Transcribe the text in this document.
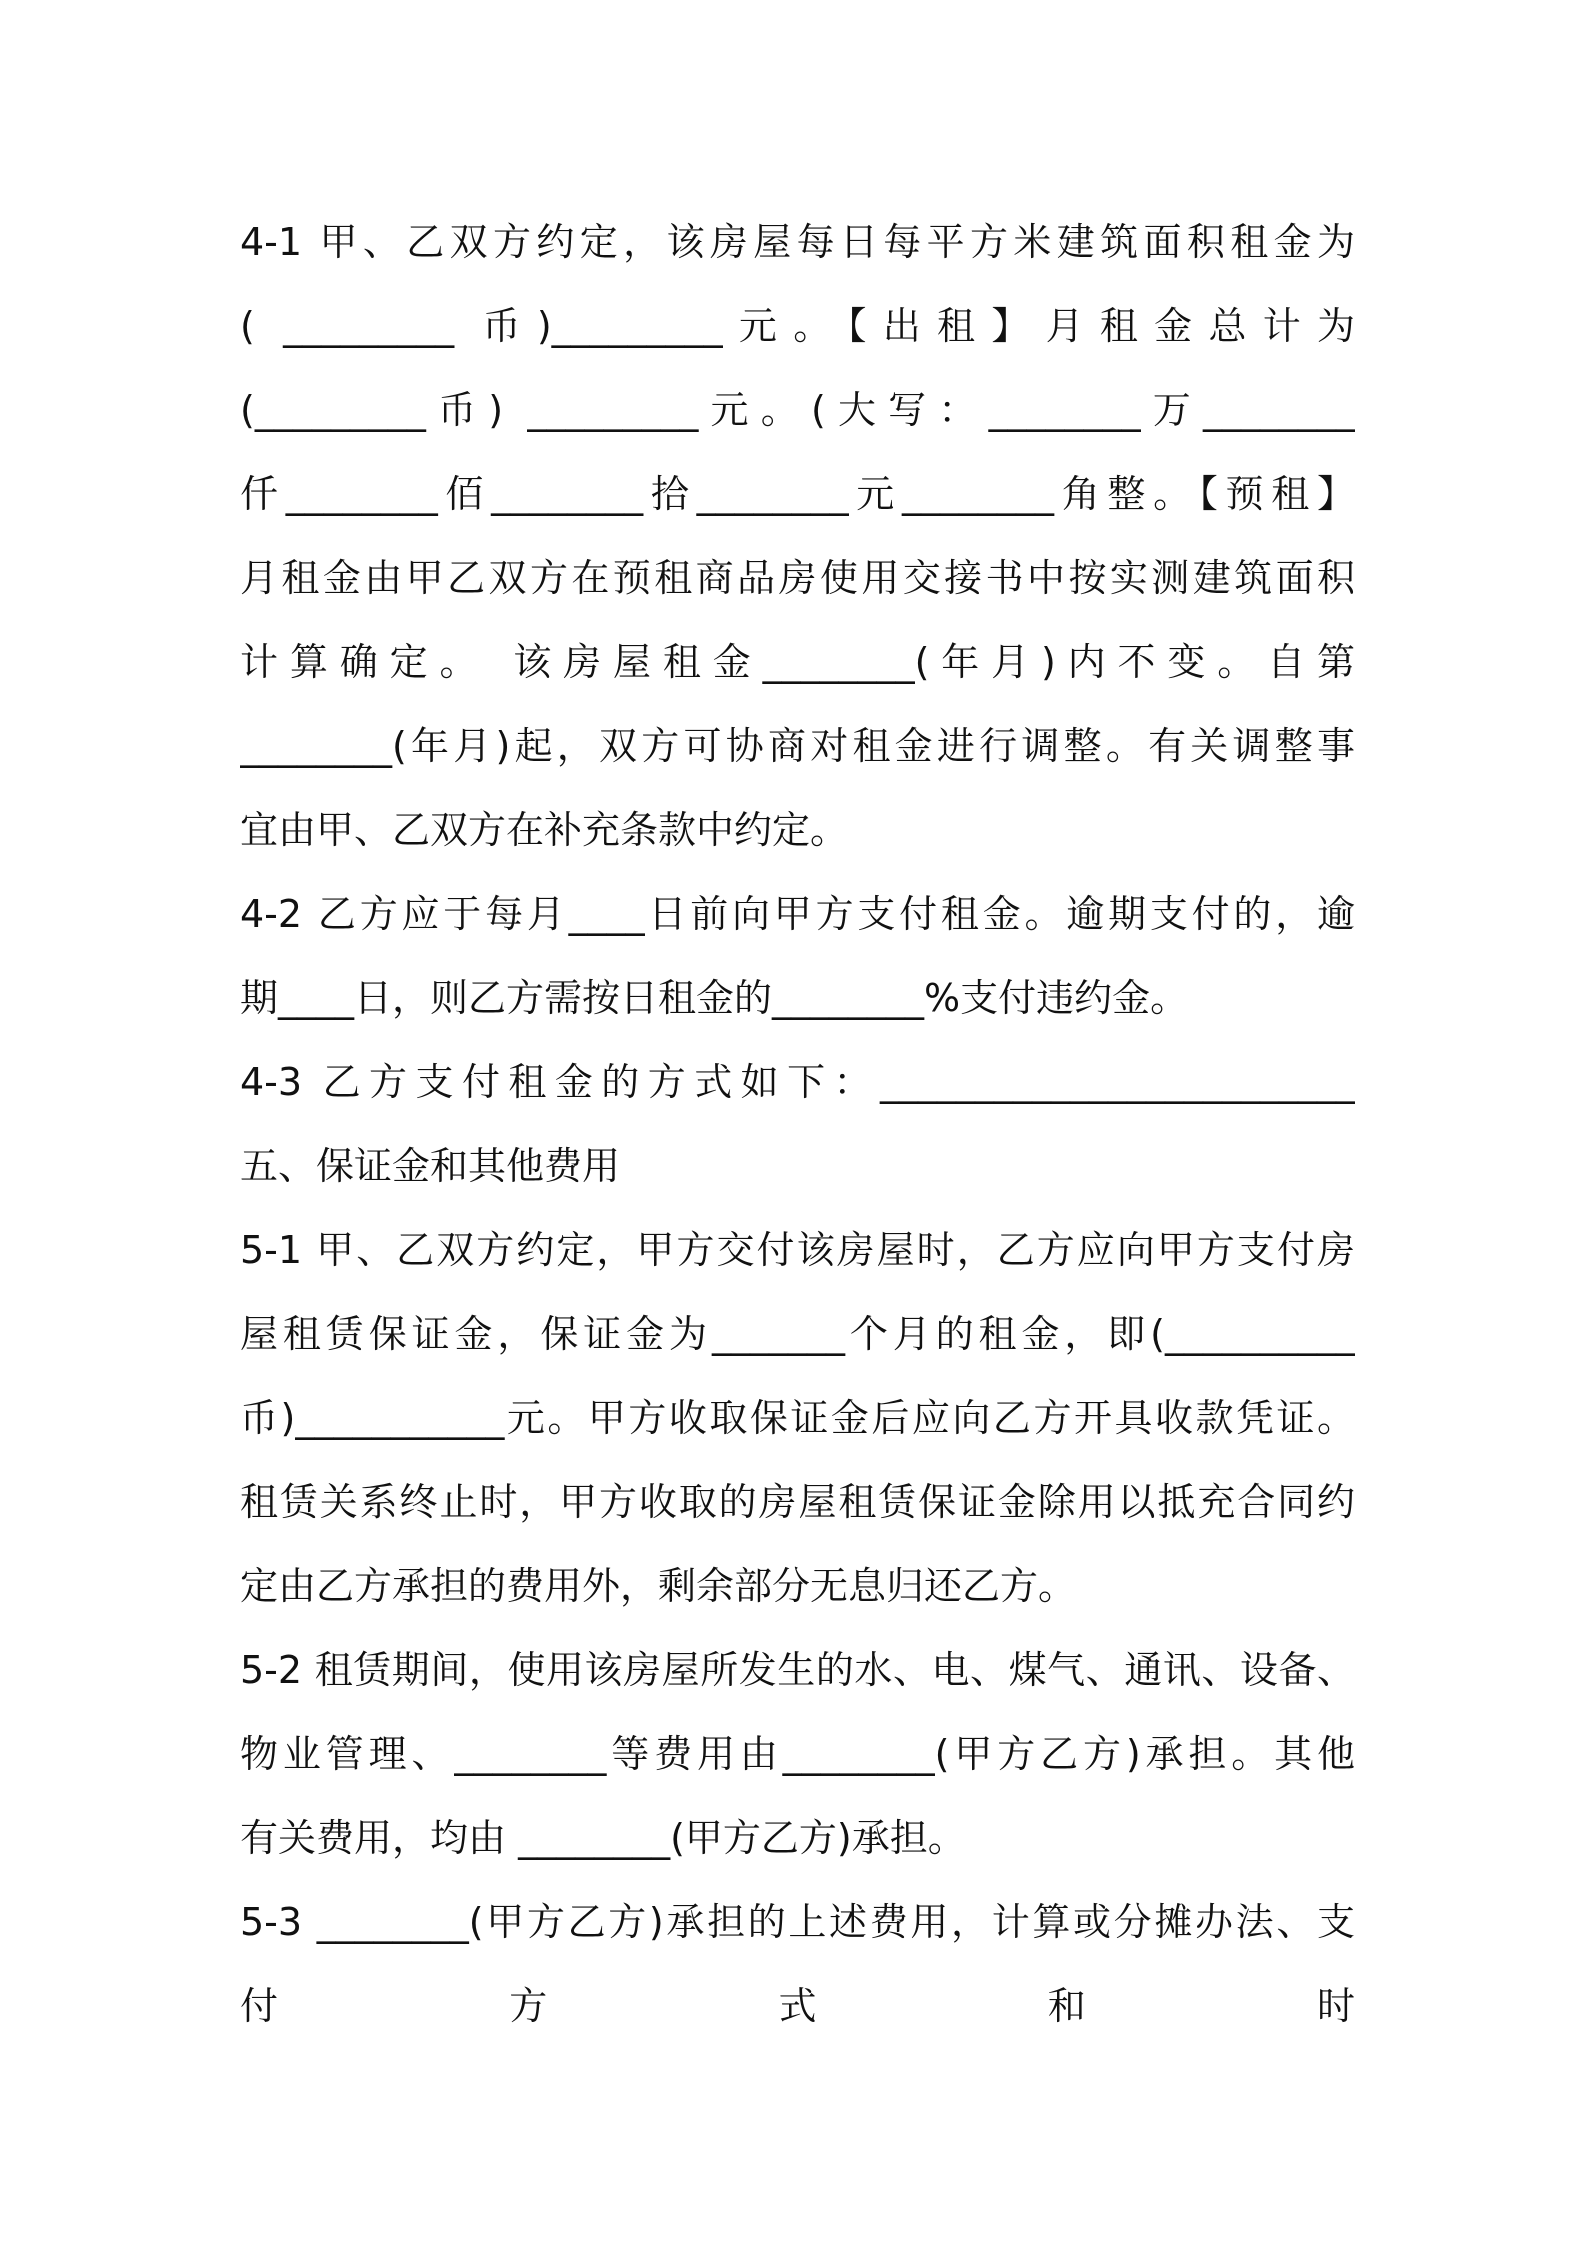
4-1 甲、乙双方约定，该房屋每日每平方米建筑面积租金为
( _________ 币)_________元。【出租】月租金总计为
(_________币) _________元。(大写：________万________
仟________佰________拾________元________角整。【预租】
月租金由甲乙双方在预租商品房使用交接书中按实测建筑面积
计算确定。 该房屋租金________(年月)内不变。自第
________(年月)起，双方可协商对租金进行调整。有关调整事
宜由甲、乙双方在补充条款中约定。
4-2 乙方应于每月____日前向甲方支付租金。逾期支付的，逾
期____日，则乙方需按日租金的________%支付违约金。
4-3 乙方支付租金的方式如下：_________________________
五、保证金和其他费用
5-1 甲、乙双方约定，甲方交付该房屋时，乙方应向甲方支付房
屋租赁保证金，保证金为_______个月的租金，即(__________
币)___________元。甲方收取保证金后应向乙方开具收款凭证。
租赁关系终止时，甲方收取的房屋租赁保证金除用以抵充合同约
定由乙方承担的费用外，剩余部分无息归还乙方。
5-2 租赁期间，使用该房屋所发生的水、电、煤气、通讯、设备、
物业管理、________等费用由________(甲方乙方)承担。其他
有关费用，均由 ________(甲方乙方)承担。
5-3 ________(甲方乙方)承担的上述费用，计算或分摊办法、支
付 方 式 和 时
